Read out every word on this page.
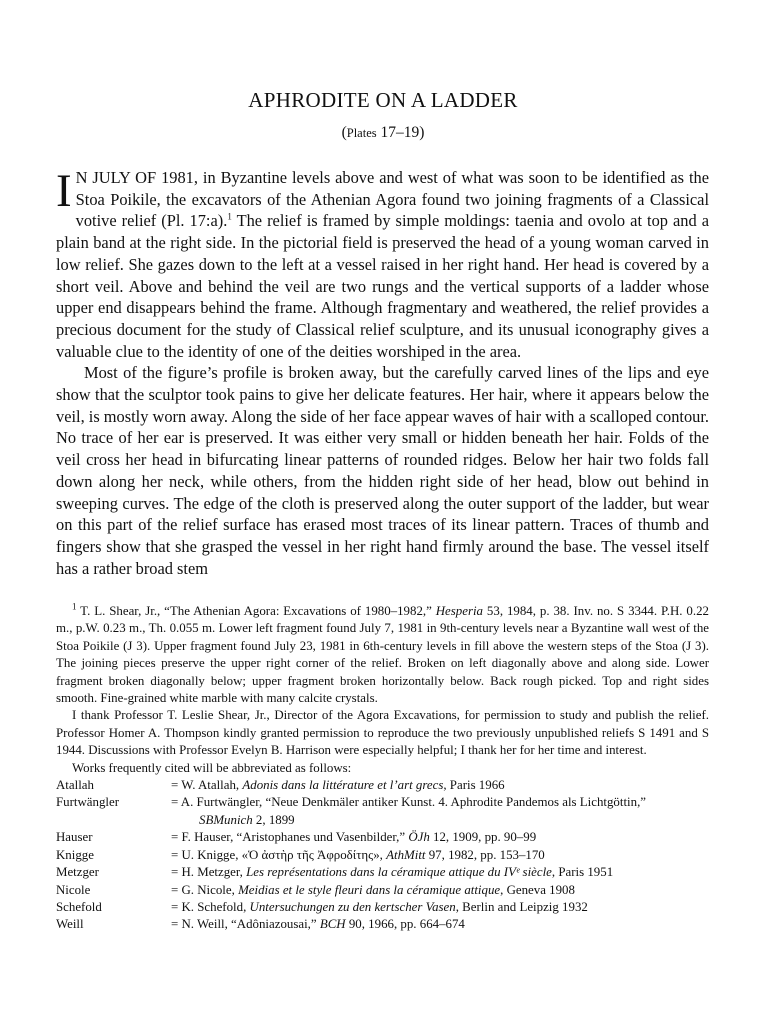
APHRODITE ON A LADDER
(Plates 17–19)

I N JULY OF 1981, in Byzantine levels above and west of what was soon to be identified as the Stoa Poikile, the excavators of the Athenian Agora found two joining fragments of a Classical votive relief (Pl. 17:a).$^1$ The relief is framed by simple moldings: taenia and ovolo at top and a plain band at the right side. In the pictorial field is preserved the head of a young woman carved in low relief. She gazes down to the left at a vessel raised in her right hand. Her head is covered by a short veil. Above and behind the veil are two rungs and the vertical supports of a ladder whose upper end disappears behind the frame. Although fragmentary and weathered, the relief provides a precious document for the study of Classical relief sculpture, and its unusual iconography gives a valuable clue to the identity of one of the deities worshiped in the area.

Most of the figure’s profile is broken away, but the carefully carved lines of the lips and eye show that the sculptor took pains to give her delicate features. Her hair, where it appears below the veil, is mostly worn away. Along the side of her face appear waves of hair with a scalloped contour. No trace of her ear is preserved. It was either very small or hidden beneath her hair. Folds of the veil cross her head in bifurcating linear patterns of rounded ridges. Below her hair two folds fall down along her neck, while others, from the hidden right side of her head, blow out behind in sweeping curves. The edge of the cloth is preserved along the outer support of the ladder, but wear on this part of the relief surface has erased most traces of its linear pattern. Traces of thumb and fingers show that she grasped the vessel in her right hand firmly around the base. The vessel itself has a rather broad stem

$^1$ T. L. Shear, Jr., “The Athenian Agora: Excavations of 1980–1982,” Hesperia 53, 1984, p. 38. Inv. no. S 3344. P.H. 0.22 m., p.W. 0.23 m., Th. 0.055 m. Lower left fragment found July 7, 1981 in 9th-century levels near a Byzantine wall west of the Stoa Poikile (J 3). Upper fragment found July 23, 1981 in 6th-century levels in fill above the western steps of the Stoa (J 3). The joining pieces preserve the upper right corner of the relief. Broken on left diagonally above and along side. Lower fragment broken diagonally below; upper fragment broken horizontally below. Back rough picked. Top and right sides smooth. Fine-grained white marble with many calcite crystals.

I thank Professor T. Leslie Shear, Jr., Director of the Agora Excavations, for permission to study and publish the relief. Professor Homer A. Thompson kindly granted permission to reproduce the two previously unpublished reliefs S 1491 and S 1944. Discussions with Professor Evelyn B. Harrison were especially helpful; I thank her for her time and interest.

Works frequently cited will be abbreviated as follows:

Atallah	= W. Atallah, Adonis dans la littérature et l’art grecs, Paris 1966
Furtwängler	= A. Furtwängler, “Neue Denkmäler antiker Kunst. 4. Aphrodite Pandemos als Lichtgöttin,”
SBMunich 2, 1899
Hauser	= F. Hauser, “Aristophanes und Vasenbilder,” ÖJh 12, 1909, pp. 90–99
Knigge	= U. Knigge, «Ὁ ἀστὴρ τῆς Ἀφροδίτης», AthMitt 97, 1982, pp. 153–170
Metzger	= H. Metzger, Les représentations dans la céramique attique du IVᵉ siècle, Paris 1951
Nicole	= G. Nicole, Meidias et le style fleuri dans la céramique attique, Geneva 1908
Schefold	= K. Schefold, Untersuchungen zu den kertscher Vasen, Berlin and Leipzig 1932
Weill	= N. Weill, “Adôniazousai,” BCH 90, 1966, pp. 664–674
